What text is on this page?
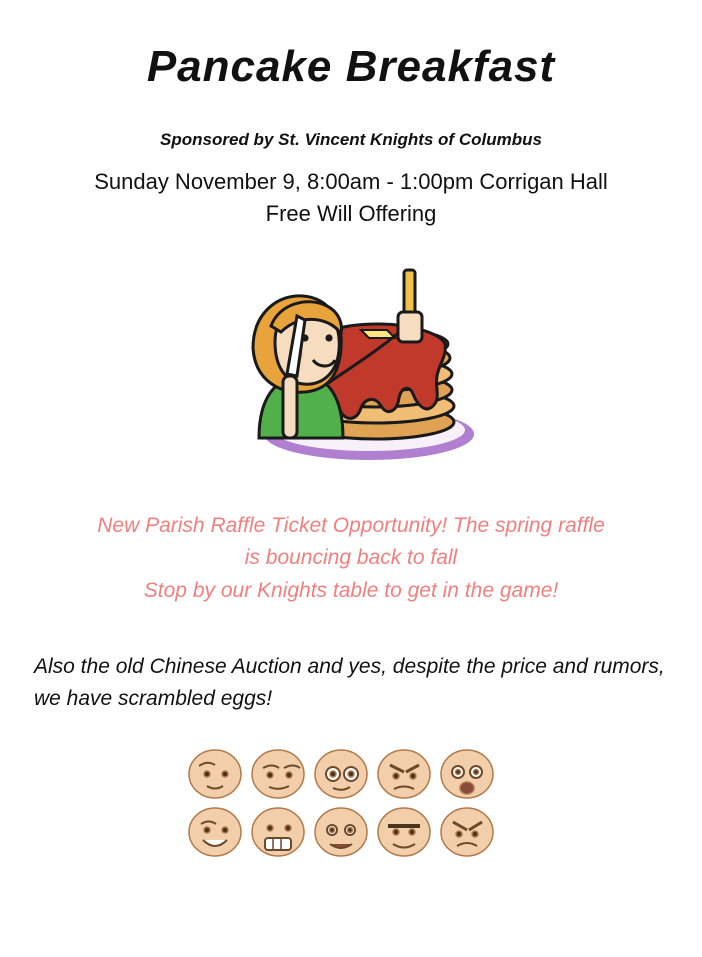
Pancake Breakfast
Sponsored by St. Vincent Knights of Columbus
Sunday November 9, 8:00am - 1:00pm Corrigan Hall
Free Will Offering
New Parish Raffle Ticket Opportunity! The spring raffle
is bouncing back to fall
Stop by our Knights table to get in the game!
Also the old Chinese Auction and yes, despite the price and rumors, we have scrambled eggs!
